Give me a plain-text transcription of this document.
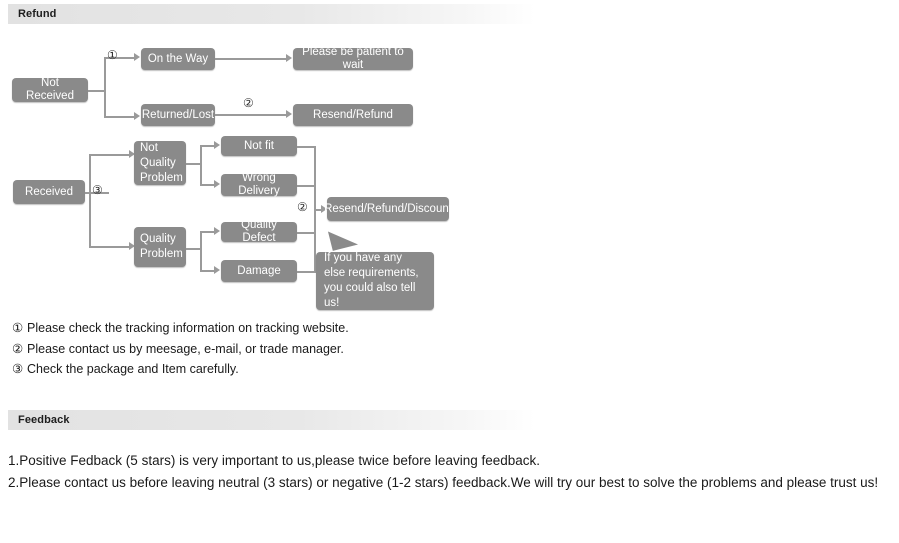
Refund
Not Received
①	On the Way
Returned/Lost
Please be patient to wait
②
Resend/Refund
Received	③
Not Quality Problem
Quality Problem
Not fit
Wrong Delivery
Quality Defect
Damage
② Resend/Refund/Discount
If you have any else requirements, you could also tell us!
① Please check the tracking information on tracking website.
② Please contact us by meesage, e-mail, or trade manager.
③ Check the package and Item carefully.
Feedback
1.Positive Fedback (5 stars) is very important to us,please twice before leaving feedback.
2.Please contact us before leaving neutral (3 stars) or negative (1-2 stars) feedback.We will try our best to solve the problems and please trust us!
